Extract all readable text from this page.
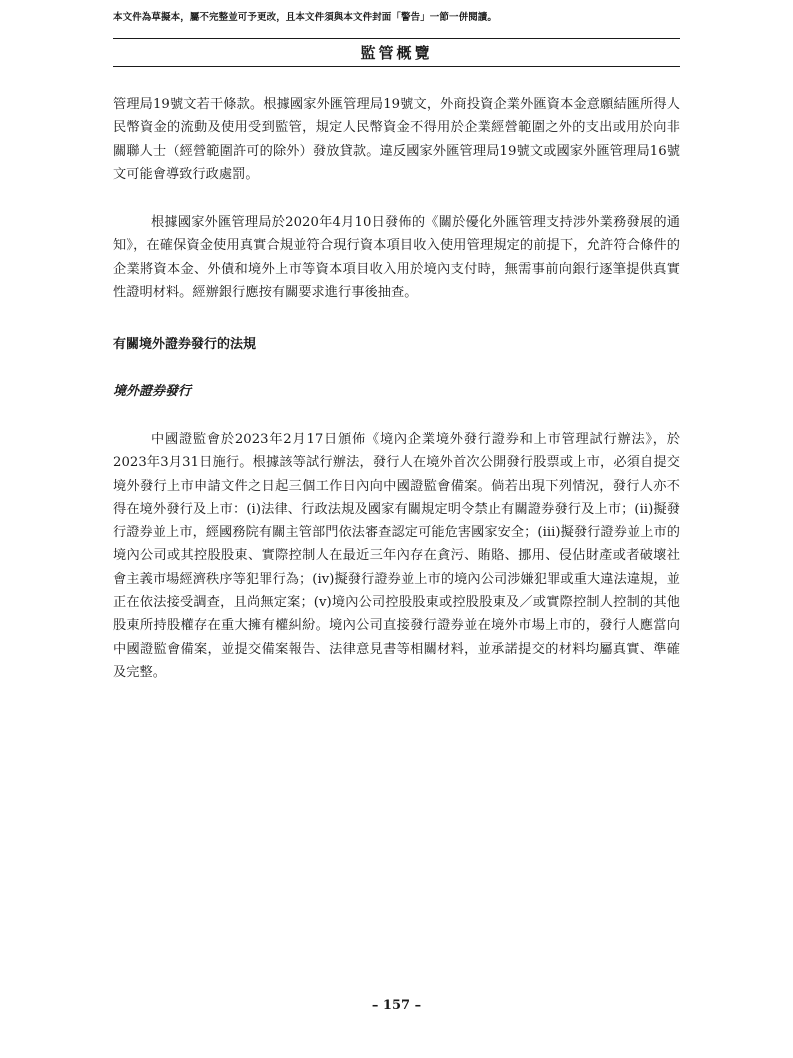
本文件為草擬本，屬不完整並可予更改，且本文件須與本文件封面「警告」一節一併閱讀。
監管概覽
管理局19號文若干條款。根據國家外匯管理局19號文，外商投資企業外匯資本金意願結匯所得人民幣資金的流動及使用受到監管，規定人民幣資金不得用於企業經營範圍之外的支出或用於向非關聯人士（經營範圍許可的除外）發放貸款。違反國家外匯管理局19號文或國家外匯管理局16號文可能會導致行政處罰。
根據國家外匯管理局於2020年4月10日發佈的《關於優化外匯管理支持涉外業務發展的通知》，在確保資金使用真實合規並符合現行資本項目收入使用管理規定的前提下，允許符合條件的企業將資本金、外債和境外上市等資本項目收入用於境內支付時，無需事前向銀行逐筆提供真實性證明材料。經辦銀行應按有關要求進行事後抽查。
有關境外證券發行的法規
境外證券發行
中國證監會於2023年2月17日頒佈《境內企業境外發行證券和上市管理試行辦法》，於2023年3月31日施行。根據該等試行辦法，發行人在境外首次公開發行股票或上市，必須自提交境外發行上市申請文件之日起三個工作日內向中國證監會備案。倘若出現下列情況，發行人亦不得在境外發行及上市：(i)法律、行政法規及國家有關規定明令禁止有關證券發行及上市；(ii)擬發行證券並上市，經國務院有關主管部門依法審查認定可能危害國家安全；(iii)擬發行證券並上市的境內公司或其控股股東、實際控制人在最近三年內存在貪污、賄賂、挪用、侵佔財產或者破壞社會主義市場經濟秩序等犯罪行為；(iv)擬發行證券並上市的境內公司涉嫌犯罪或重大違法違規，並正在依法接受調查，且尚無定案；(v)境內公司控股股東或控股股東及／或實際控制人控制的其他股東所持股權存在重大擁有權糾紛。境內公司直接發行證券並在境外市場上市的，發行人應當向中國證監會備案，並提交備案報告、法律意見書等相關材料，並承諾提交的材料均屬真實、準確及完整。
– 157 –
